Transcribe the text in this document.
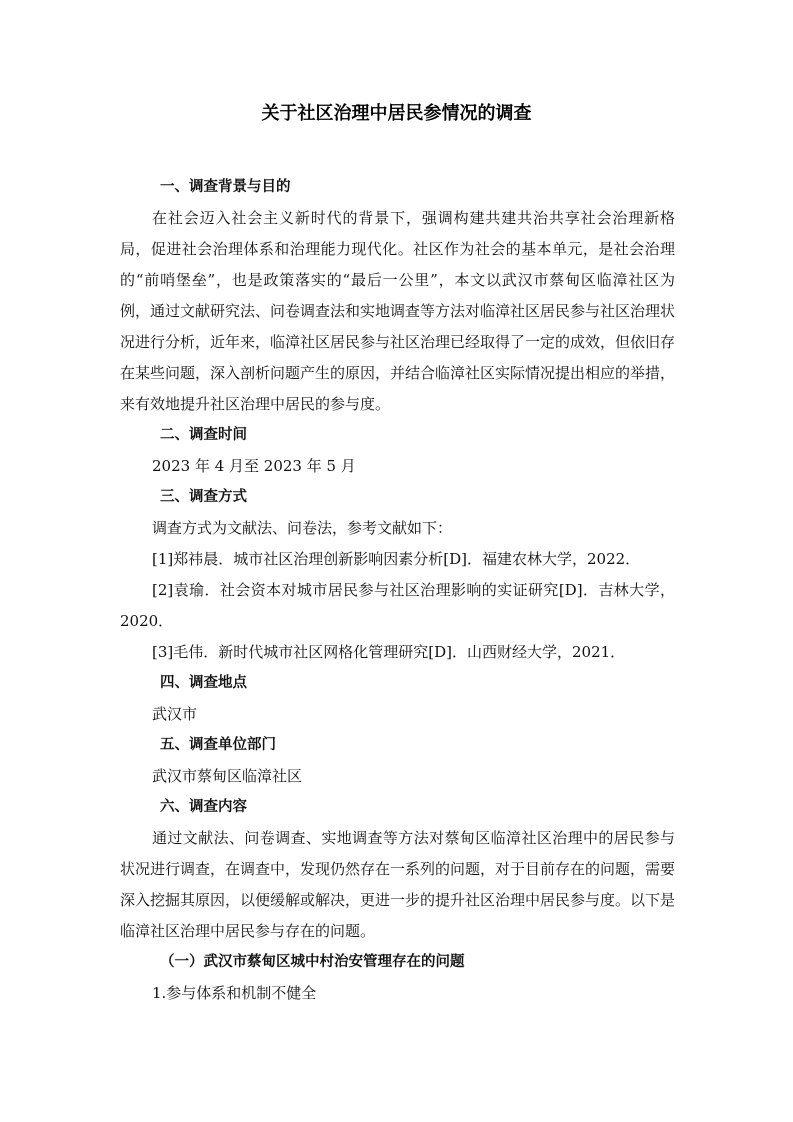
关于社区治理中居民参情况的调查

一、调查背景与目的

在社会迈入社会主义新时代的背景下，强调构建共建共治共享社会治理新格局，促进社会治理体系和治理能力现代化。社区作为社会的基本单元，是社会治理的“前哨堡垒”，也是政策落实的“最后一公里”，本文以武汉市蔡甸区临漳社区为例，通过文献研究法、问卷调查法和实地调查等方法对临漳社区居民参与社区治理状况进行分析，近年来，临漳社区居民参与社区治理已经取得了一定的成效，但依旧存在某些问题，深入剖析问题产生的原因，并结合临漳社区实际情况提出相应的举措，来有效地提升社区治理中居民的参与度。

二、调查时间

2023 年 4 月至 2023 年 5 月

三、调查方式

调查方式为文献法、问卷法，参考文献如下：

[1]郑祎晨．城市社区治理创新影响因素分析[D]．福建农林大学，2022．

[2]袁瑜．社会资本对城市居民参与社区治理影响的实证研究[D]．吉林大学，2020．

[3]毛伟．新时代城市社区网格化管理研究[D]．山西财经大学，2021．

四、调查地点

武汉市

五、调查单位部门

武汉市蔡甸区临漳社区

六、调查内容

通过文献法、问卷调查、实地调查等方法对蔡甸区临漳社区治理中的居民参与状况进行调查，在调查中，发现仍然存在一系列的问题，对于目前存在的问题，需要深入挖掘其原因，以便缓解或解决，更进一步的提升社区治理中居民参与度。以下是临漳社区治理中居民参与存在的问题。

（一）武汉市蔡甸区城中村治安管理存在的问题

1.参与体系和机制不健全
